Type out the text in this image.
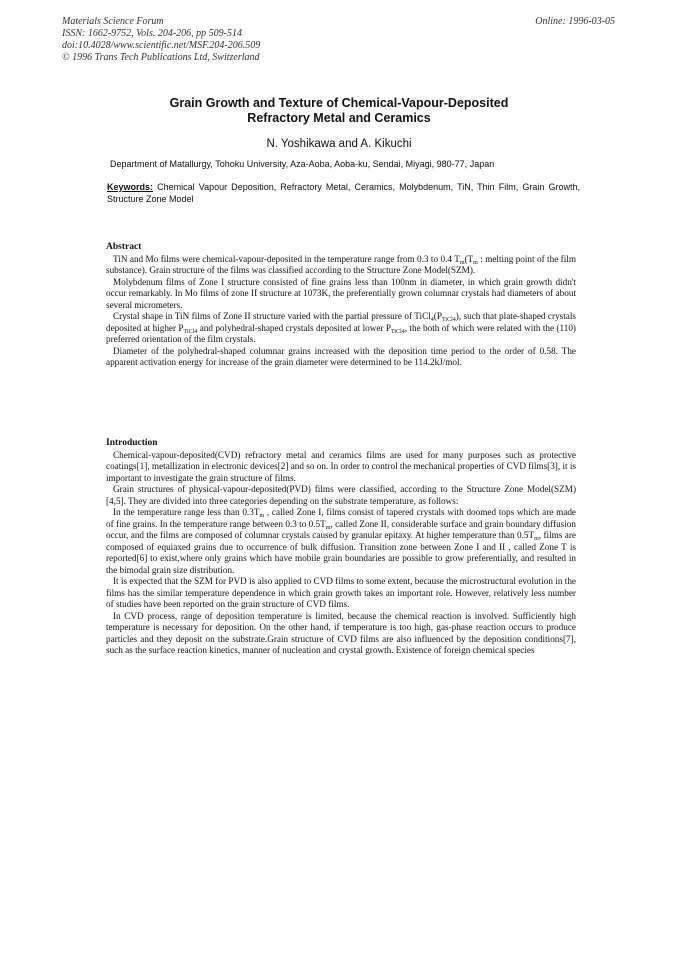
Materials Science Forum
ISSN: 1662-9752, Vols. 204-206, pp 509-514
doi:10.4028/www.scientific.net/MSF.204-206.509
© 1996 Trans Tech Publications Ltd, Switzerland
Online: 1996-03-05
Grain Growth and Texture of Chemical-Vapour-Deposited
Refractory Metal and Ceramics
N. Yoshikawa and A. Kikuchi
Department of Matallurgy, Tohoku University, Aza-Aoba, Aoba-ku, Sendai, Miyagi, 980-77, Japan
Keywords: Chemical Vapour Deposition, Refractory Metal, Ceramics, Molybdenum, TiN, Thin Film, Grain Growth, Structure Zone Model
Abstract

TiN and Mo films were chemical-vapour-deposited in the temperature range from 0.3 to 0.4 $T_m(T_m$ : melting point of the film substance). Grain structure of the films was classified according to the Structure Zone Model(SZM).

Molybdenum films of Zone I structure consisted of fine grains less than 100nm in diameter, in which grain growth didn't occur remarkably. In Mo films of zone II structure at 1073K, the preferentially grown columnar crystals had diameters of about several micrometers.

Crystal shape in TiN films of Zone II structure varied with the partial pressure of $TiCl_4(P_{TiCl4})$, such that plate-shaped crystals deposited at higher $P_{TiCl4}$ and polyhedral-shaped crystals deposited at lower $P_{TiCl4}$, the both of which were related with the (110) preferred orientation of the film crystals.

Diameter of the polyhedral-shaped columnar grains increased with the deposition time period to the order of 0.58. The apparent activation energy for increase of the grain diameter were determined to be 114.2kJ/mol.

Introduction

Chemical-vapour-deposited(CVD) refractory metal and ceramics films are used for many purposes such as protective coatings[1], metallization in electronic devices[2] and so on. In order to control the mechanical properties of CVD films[3], it is important to investigate the grain structure of films.

Grain structures of physical-vapour-deposited(PVD) films were classified, according to the Structure Zone Model(SZM)[4,5]. They are divided into three categories depending on the substrate temperature, as follows:

In the temperature range less than $0.3T_m$ , called Zone I, films consist of tapered crystals with doomed tops which are made of fine grains. In the temperature range between 0.3 to $0.5T_m$, called Zone II, considerable surface and grain boundary diffusion occur, and the films are composed of columnar crystals caused by granular epitaxy. At higher temperature than $0.5T_m$, films are composed of equiaxed grains due to occurrence of bulk diffusion. Transition zone between Zone I and II , called Zone T is reported[6] to exist,where only grains which have mobile grain boundaries are possible to grow preferentially, and resulted in the bimodal grain size distribution.

It is expected that the SZM for PVD is also applied to CVD films to some extent, because the microstructural evolution in the films has the similar temperature dependence in which grain growth takes an important role. However, relatively less number of studies have been reported on the grain structure of CVD films.

In CVD process, range of deposition temperature is limited, because the chemical reaction is involved. Sufficiently high temperature is necessary for deposition. On the other hand, if temperature is too high, gas-phase reaction occurs to produce particles and they deposit on the substrate.Grain structure of CVD films are also influenced by the deposition conditions[7], such as the surface reaction kinetics, manner of nucleation and crystal growth. Existence of foreign chemical species
